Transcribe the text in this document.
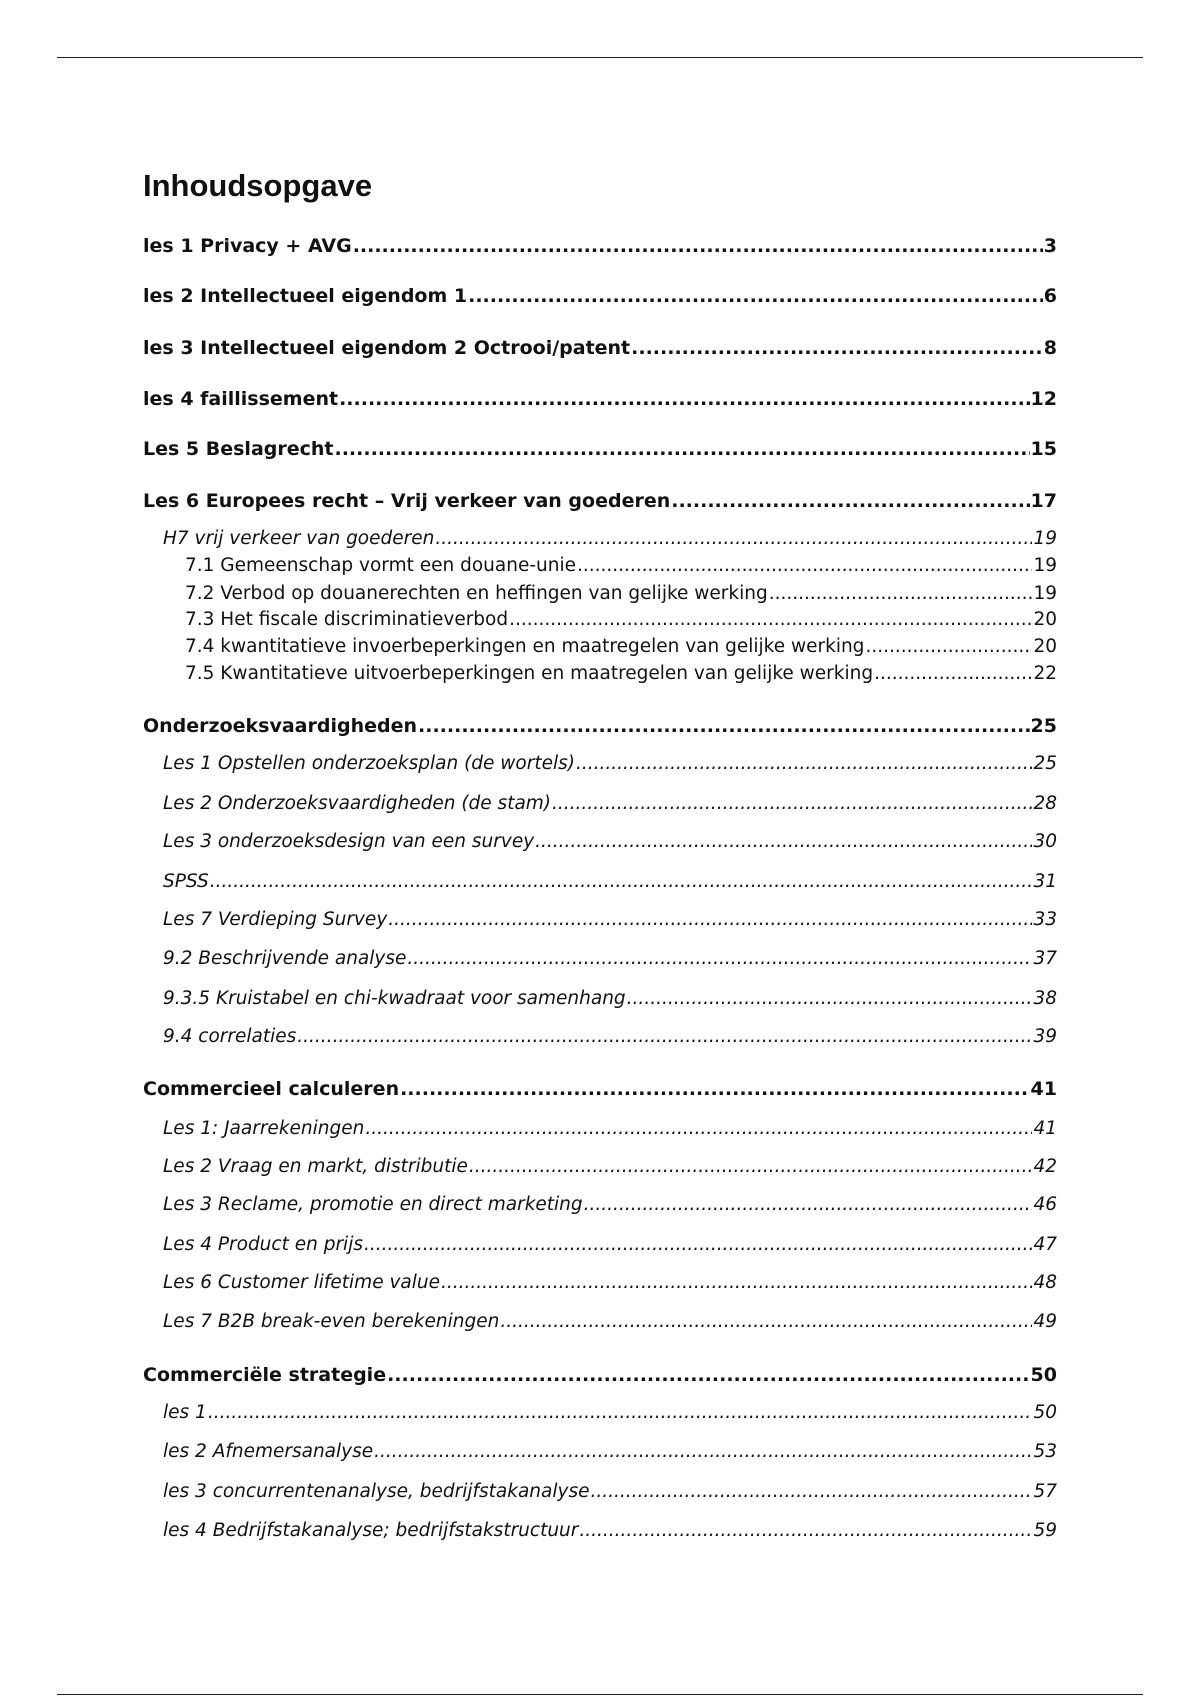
Inhoudsopgave
les 1 Privacy + AVG .....	3
les 2 Intellectueel eigendom 1 .....	6
les 3 Intellectueel eigendom 2 Octrooi/patent .....	8
les 4 faillissement .....	12
Les 5 Beslagrecht .....	15
Les 6 Europees recht – Vrij verkeer van goederen .....	17
H7 vrij verkeer van goederen .....	19
7.1 Gemeenschap vormt een douane-unie .....	19
7.2 Verbod op douanerechten en heffingen van gelijke werking .....	19
7.3 Het fiscale discriminatieverbod .....	20
7.4 kwantitatieve invoerbeperkingen en maatregelen van gelijke werking .....	20
7.5 Kwantitatieve uitvoerbeperkingen en maatregelen van gelijke werking .....	22
Onderzoeksvaardigheden .....	25
Les 1 Opstellen onderzoeksplan (de wortels) .....	25
Les 2 Onderzoeksvaardigheden (de stam) .....	28
Les 3 onderzoeksdesign van een survey .....	30
SPSS .....	31
Les 7 Verdieping Survey .....	33
9.2 Beschrijvende analyse .....	37
9.3.5 Kruistabel en chi-kwadraat voor samenhang .....	38
9.4 correlaties .....	39
Commercieel calculeren .....	41
Les 1: Jaarrekeningen .....	41
Les 2 Vraag en markt, distributie .....	42
Les 3 Reclame, promotie en direct marketing .....	46
Les 4 Product en prijs .....	47
Les 6 Customer lifetime value .....	48
Les 7 B2B break-even berekeningen .....	49
Commerciële strategie .....	50
les 1 .....	50
les 2 Afnemersanalyse .....	53
les 3 concurrentenanalyse, bedrijfstakanalyse .....	57
les 4 Bedrijfstakanalyse; bedrijfstakstructuur .....	59
